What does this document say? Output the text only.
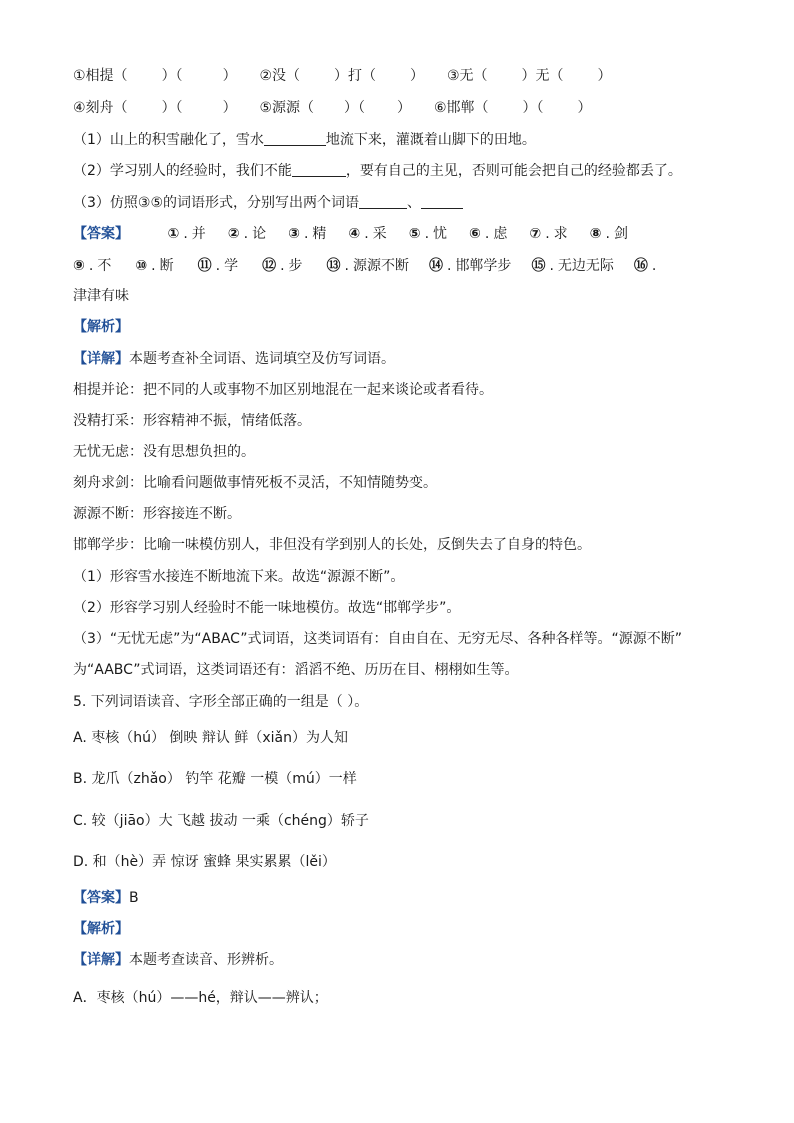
①相提（ ）（	） ②没（ ）打（ ） ③无（ ）无（ ）
④刻舟（ ）（	） ⑤源源（ ）（ ） ⑥邯郸（ ）（ ）
（1）山上的积雪融化了，雪水	地流下来，灌溉着山脚下的田地。
（2）学习别人的经验时，我们不能	，要有自己的主见，否则可能会把自己的经验都丢了。
（3）仿照③⑤的词语形式，分别写出两个词语	、
【答案】	① . 并 ② . 论 ③ . 精 ④ . 采 ⑤ . 忧 ⑥ . 虑 ⑦ . 求 ⑧ . 剑
⑨ . 不 ⑩ . 断 ⑪ . 学 ⑫ . 步 ⑬ . 源源不断 ⑭ . 邯郸学步 ⑮ . 无边无际 ⑯ .
津津有味
【解析】
【详解】本题考查补全词语、选词填空及仿写词语。
相提并论：把不同的人或事物不加区别地混在一起来谈论或者看待。
没精打采：形容精神不振，情绪低落。
无忧无虑：没有思想负担的。
刻舟求剑：比喻看问题做事情死板不灵活，不知情随势变。
源源不断：形容接连不断。
邯郸学步：比喻一味模仿别人，非但没有学到别人的长处，反倒失去了自身的特色。
（1）形容雪水接连不断地流下来。故选“源源不断”。
（2）形容学习别人经验时不能一味地模仿。故选“邯郸学步”。
（3）“无忧无虑”为“ABAC”式词语，这类词语有：自由自在、无穷无尽、各种各样等。“源源不断”
为“AABC”式词语，这类词语还有：滔滔不绝、历历在目、栩栩如生等。
5. 下列词语读音、字形全部正确的一组是（ ）。
A. 枣核（hú） 倒映 辩认 鲜（xiǎn）为人知
B. 龙爪（zhǎo） 钓竿 花瓣 一模（mú）一样
C. 较（jiāo）大 飞越 拔动 一乘（chéng）轿子
D. 和（hè）弄 惊讶 蜜蜂 果实累累（lěi）
【答案】B
【解析】
【详解】本题考查读音、形辨析。
A．枣核（hú）——hé，辩认——辨认；
